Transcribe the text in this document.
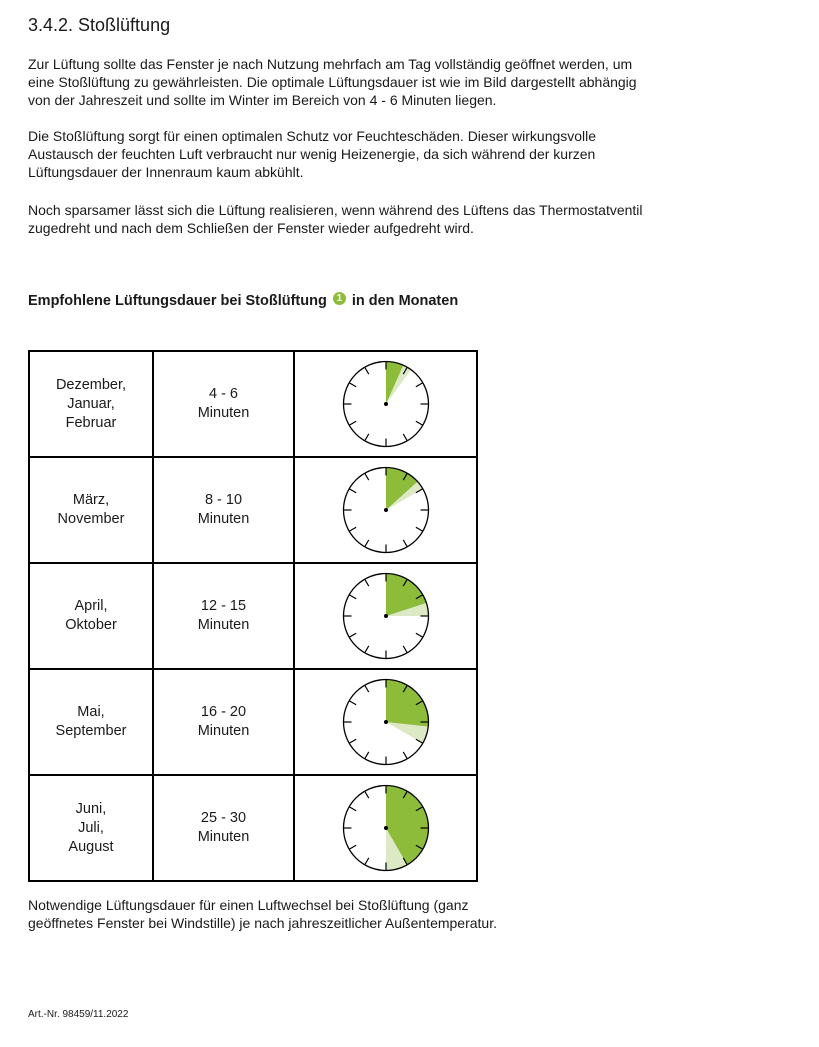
3.4.2. Stoßlüftung

Zur Lüftung sollte das Fenster je nach Nutzung mehrfach am Tag vollständig geöffnet werden, um
eine Stoßlüftung zu gewährleisten. Die optimale Lüftungsdauer ist wie im Bild dargestellt abhängig
von der Jahreszeit und sollte im Winter im Bereich von 4 - 6 Minuten liegen.

Die Stoßlüftung sorgt für einen optimalen Schutz vor Feuchteschäden. Dieser wirkungsvolle
Austausch der feuchten Luft verbraucht nur wenig Heizenergie, da sich während der kurzen
Lüftungsdauer der Innenraum kaum abkühlt.

Noch sparsamer lässt sich die Lüftung realisieren, wenn während des Lüftens das Thermostatventil
zugedreht und nach dem Schließen der Fenster wieder aufgedreht wird.

Empfohlene Lüftungsdauer bei Stoßlüftung 1 in den Monaten
Dezember,
Januar,
Februar	4 - 6
Minuten	

März,
November	8 - 10
Minuten	

April,
Oktober	12 - 15
Minuten	

Mai,
September	16 - 20
Minuten	

Juni,
Juli,
August	25 - 30
Minuten	

Notwendige Lüftungsdauer für einen Luftwechsel bei Stoßlüftung (ganz
geöffnetes Fenster bei Windstille) je nach jahreszeitlicher Außentemperatur.

Art.-Nr. 98459/11.2022
